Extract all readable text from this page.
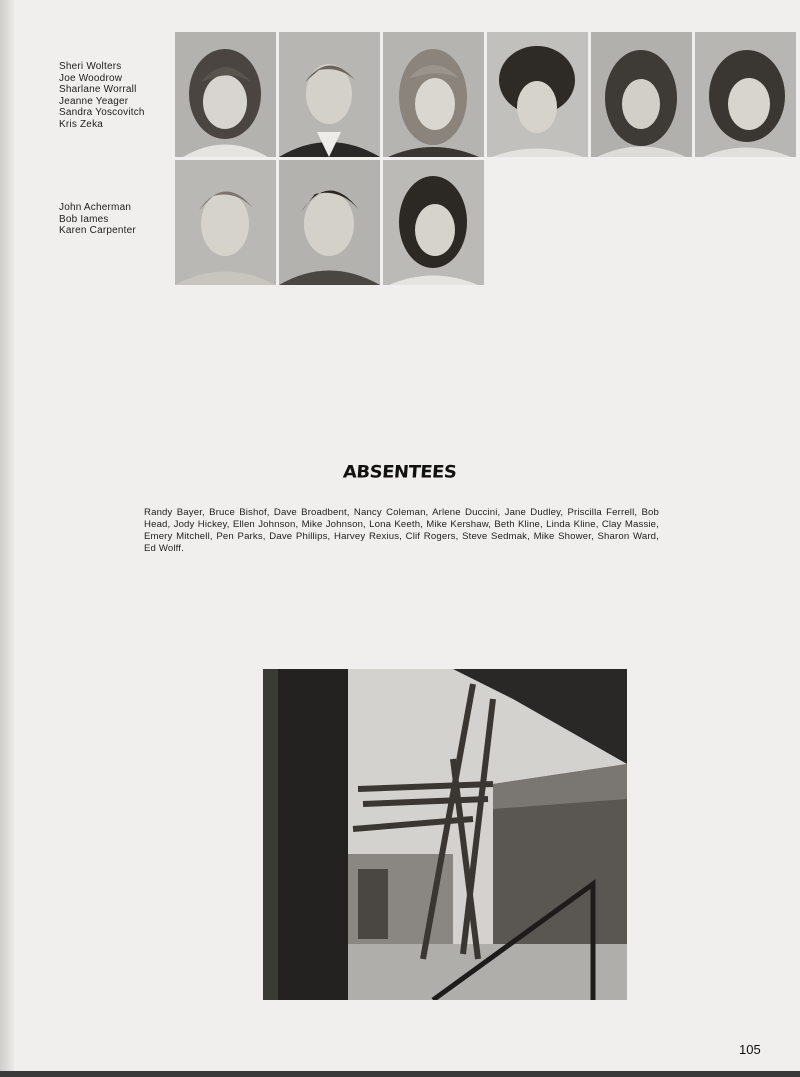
Sheri Wolters
Joe Woodrow
Sharlane Worrall
Jeanne Yeager
Sandra Yoscovitch
Kris Zeka
John Acherman
Bob Iames
Karen Carpenter
ABSENTEES
Randy Bayer, Bruce Bishof, Dave Broadbent, Nancy Coleman, Arlene Duccini, Jane Dudley, Priscilla Ferrell, Bob Head, Jody Hickey, Ellen Johnson, Mike Johnson, Lona Keeth, Mike Kershaw, Beth Kline, Linda Kline, Clay Massie, Emery Mitchell, Pen Parks, Dave Phillips, Harvey Rexius, Clif Rogers, Steve Sedmak, Mike Shower, Sharon Ward, Ed Wolff.
105
